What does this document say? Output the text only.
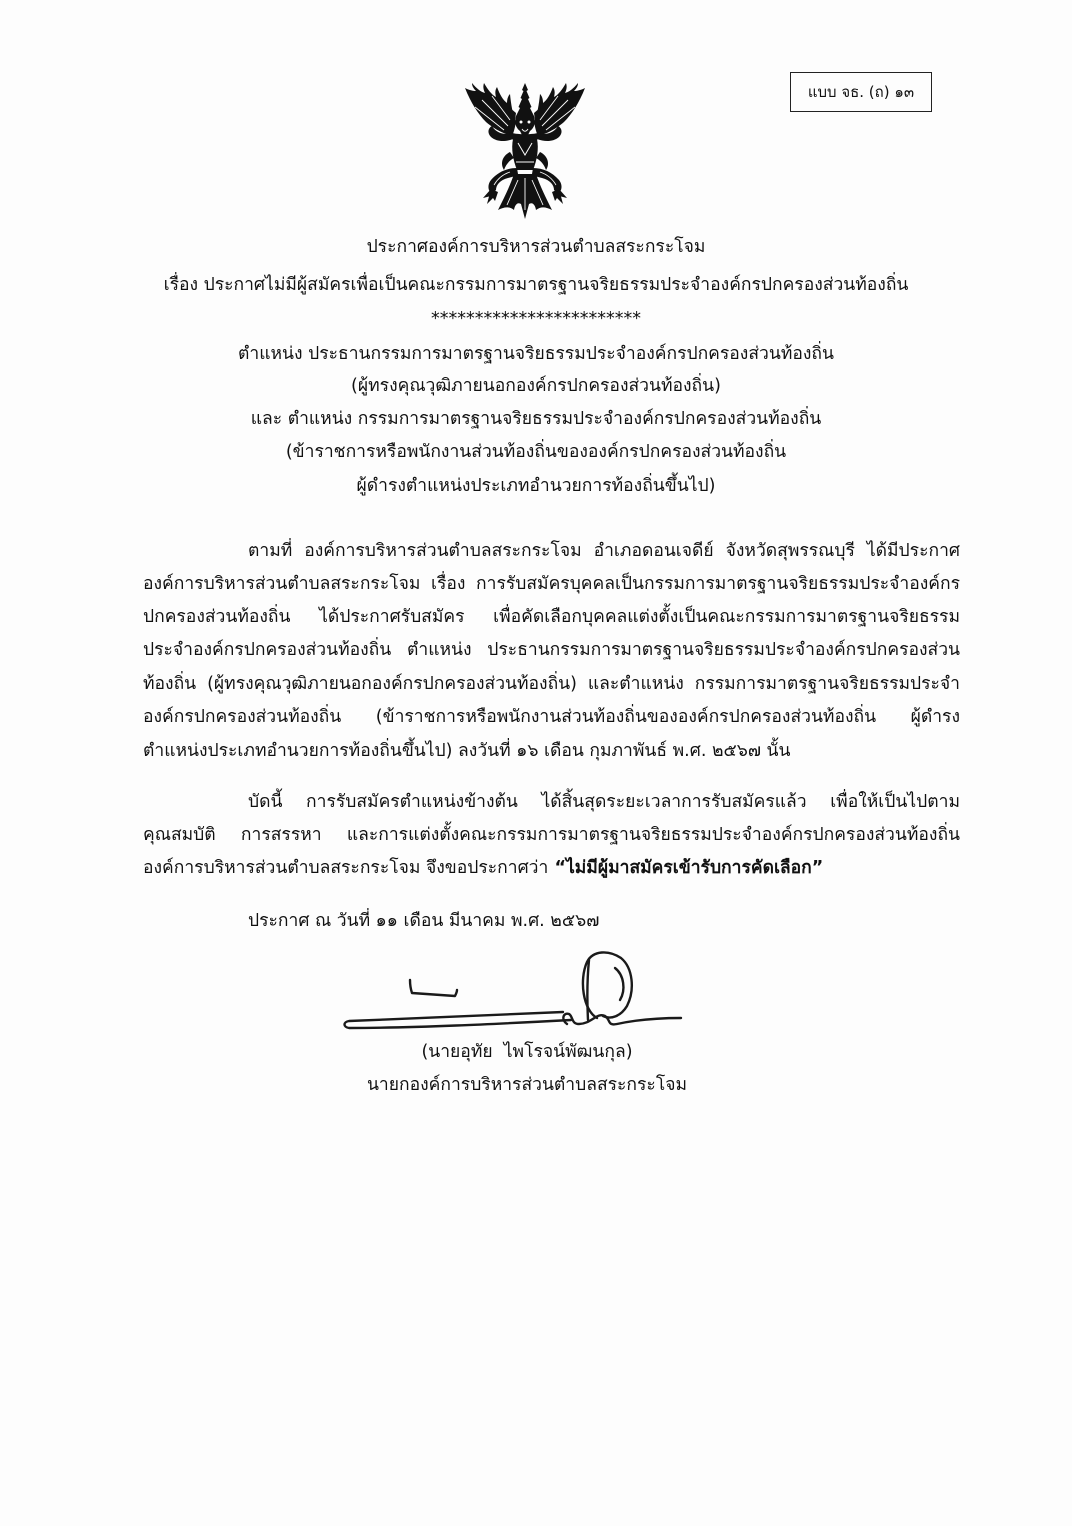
แบบ จธ. (ถ) ๑๓
ประกาศองค์การบริหารส่วนตำบลสระกระโจม
เรื่อง ประกาศไม่มีผู้สมัครเพื่อเป็นคณะกรรมการมาตรฐานจริยธรรมประจำองค์กรปกครองส่วนท้องถิ่น
************************
ตำแหน่ง ประธานกรรมการมาตรฐานจริยธรรมประจำองค์กรปกครองส่วนท้องถิ่น
(ผู้ทรงคุณวุฒิภายนอกองค์กรปกครองส่วนท้องถิ่น)
และ ตำแหน่ง กรรมการมาตรฐานจริยธรรมประจำองค์กรปกครองส่วนท้องถิ่น
(ข้าราชการหรือพนักงานส่วนท้องถิ่นขององค์กรปกครองส่วนท้องถิ่น
ผู้ดำรงตำแหน่งประเภทอำนวยการท้องถิ่นขึ้นไป)
ตามที่ องค์การบริหารส่วนตำบลสระกระโจม อำเภอดอนเจดีย์ จังหวัดสุพรรณบุรี ได้มีประกาศ
องค์การบริหารส่วนตำบลสระกระโจม เรื่อง การรับสมัครบุคคลเป็นกรรมการมาตรฐานจริยธรรมประจำองค์กร
ปกครองส่วนท้องถิ่น ได้ประกาศรับสมัคร เพื่อคัดเลือกบุคคลแต่งตั้งเป็นคณะกรรมการมาตรฐานจริยธรรม
ประจำองค์กรปกครองส่วนท้องถิ่น ตำแหน่ง ประธานกรรมการมาตรฐานจริยธรรมประจำองค์กรปกครองส่วน
ท้องถิ่น (ผู้ทรงคุณวุฒิภายนอกองค์กรปกครองส่วนท้องถิ่น) และตำแหน่ง กรรมการมาตรฐานจริยธรรมประจำ
องค์กรปกครองส่วนท้องถิ่น (ข้าราชการหรือพนักงานส่วนท้องถิ่นขององค์กรปกครองส่วนท้องถิ่น ผู้ดำรง
ตำแหน่งประเภทอำนวยการท้องถิ่นขึ้นไป) ลงวันที่ ๑๖ เดือน กุมภาพันธ์ พ.ศ. ๒๕๖๗ นั้น
บัดนี้ การรับสมัครตำแหน่งข้างต้น ได้สิ้นสุดระยะเวลาการรับสมัครแล้ว เพื่อให้เป็นไปตาม
คุณสมบัติ การสรรหา และการแต่งตั้งคณะกรรมการมาตรฐานจริยธรรมประจำองค์กรปกครองส่วนท้องถิ่น
องค์การบริหารส่วนตำบลสระกระโจม จึงขอประกาศว่า “ไม่มีผู้มาสมัครเข้ารับการคัดเลือก”
ประกาศ ณ วันที่ ๑๑ เดือน มีนาคม พ.ศ. ๒๕๖๗
(นายอุทัย  ไพโรจน์พัฒนกุล)
นายกองค์การบริหารส่วนตำบลสระกระโจม
